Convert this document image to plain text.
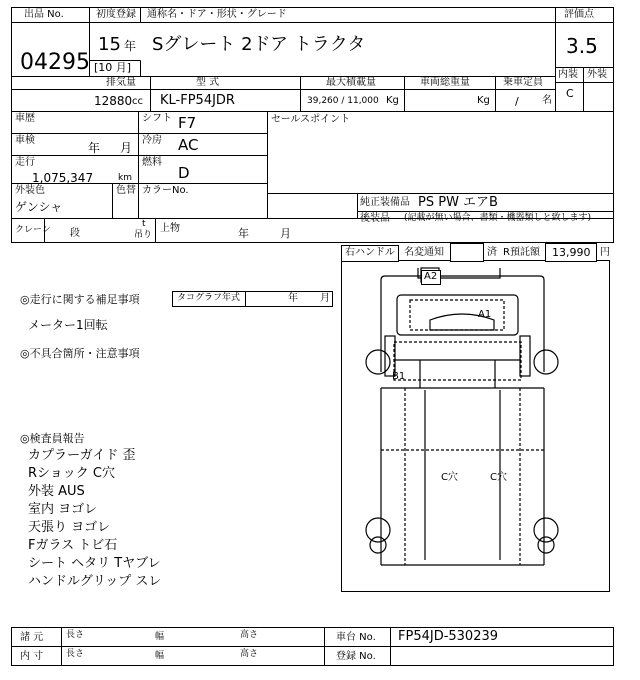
出品 No.
04295
初度登録
15 年
[10 月]
通称名・ドア・形状・グレード
Sグレート 2ドア トラクタ
評価点
3.5
内装 外装
C
排気量
12880 cc
型 式
KL-FP54JDR
最大積載量
39,260 / 11,000 Kg
車両総重量
Kg
乗車定員
/ 名
車歴	シフト F7	セールスポイント
車検
年 月
冷房 AC
走行
1,075,347	km
燃料
D
外装色
ゲンシャ
色替 カラーNo.
純正装備品 PS PW エアB
後装品 (記載が無い場合、書類・機器類しと致します)
クレーン 段
t
吊り
上物	年	月
右ハンドル 名変通知	済 R預託額 13,990 円
◎走行に関する補足事項	タコグラフ年式	年 月
メーター1回転
◎不具合箇所・注意事項
◎検査員報告
カプラーガイド 歪
Rショック C穴
外装 AUS
室内 ヨゴレ
天張り ヨゴレ
Fガラス トビ石
シート ヘタリ Tヤブレ
ハンドルグリップ スレ
A2
A1
B1
C穴	C穴
諸 元	長さ	幅	高さ	車台 No. FP54JD-530239
内 寸	長さ	幅	高さ	登録 No.
